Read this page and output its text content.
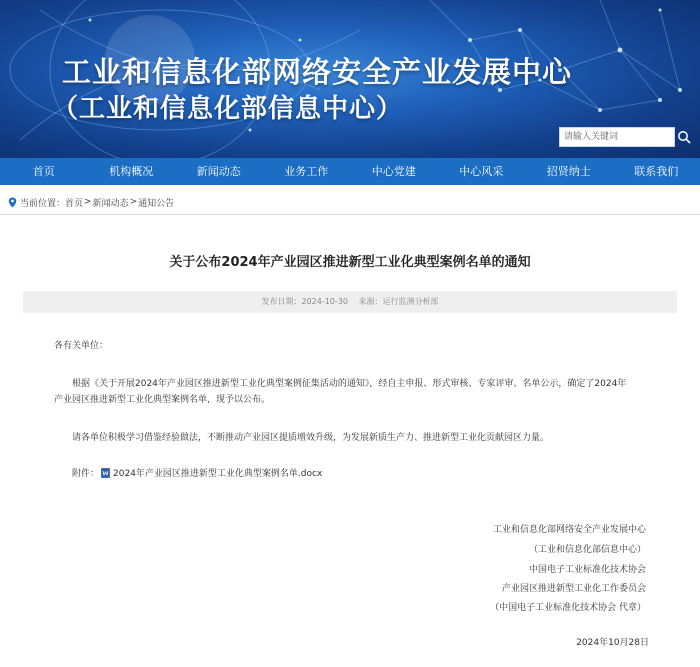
工业和信息化部网络安全产业发展中心
（工业和信息化部信息中心）
请输入关键词
首页	机构概况	新闻动态	业务工作	中心党建	中心风采	招贤纳士	联系我们
当前位置： 首页 > 新闻动态 > 通知公告
关于公布2024年产业园区推进新型工业化典型案例名单的通知
发布日期：2024-10-30 来源：运行监测分析部
各有关单位：
根据《关于开展2024年产业园区推进新型工业化典型案例征集活动的通知》，经自主申报、形式审核、专家评审、名单公示，确定了2024年
产业园区推进新型工业化典型案例名单，现予以公布。
请各单位积极学习借鉴经验做法，不断推动产业园区提质增效升级，为发展新质生产力、推进新型工业化贡献园区力量。
附件： 2024年产业园区推进新型工业化典型案例名单.docx
工业和信息化部网络安全产业发展中心
（工业和信息化部信息中心）
中国电子工业标准化技术协会
产业园区推进新型工业化工作委员会
（中国电子工业标准化技术协会 代章）
2024年10月28日
